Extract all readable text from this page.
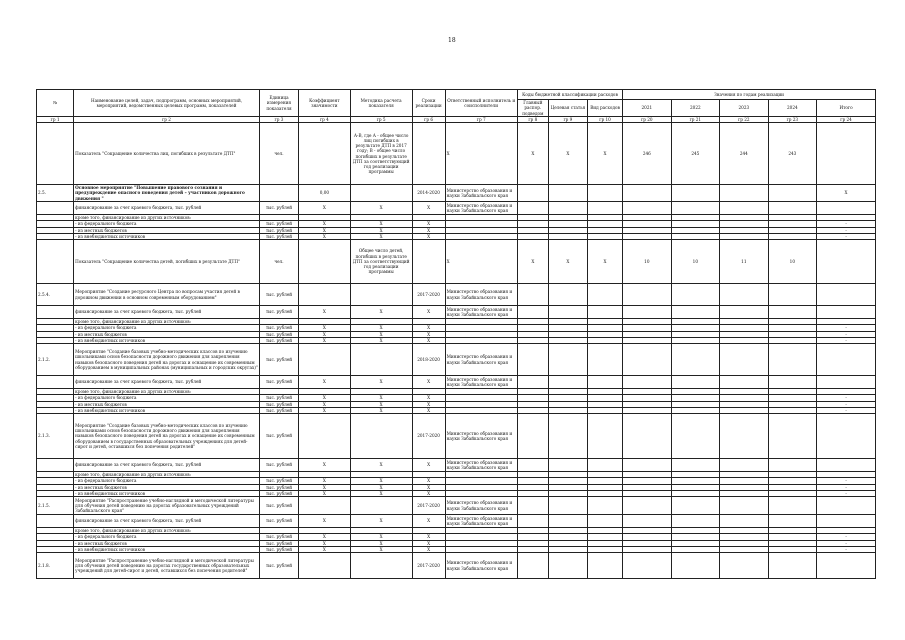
18
№	Наименование целей, задач, подпрограмм, основных мероприятий, мероприятий, ведомственных целевых программ, показателей	Единица измерения показателя	Коэффициент значимости	Методика расчета показателя	Сроки реализации	Ответственный исполнитель и соисполнители	Коды бюджетной классификации расходов			Значения по годам реализации				
							Главный распор. подведом	Целевая статья	Вид расходов	2021	2022	2023	2024	Итого
гр 1	гр 2	гр 3	гр 4	гр 5	гр 6	гр 7	гр 8	гр 9	гр 10	гр 20	гр 21	гр 22	гр 23	гр 24
	Показатель "Сокращение количества лиц, погибших в результате ДТП"	чел.		А-В, где А - общее число лиц погибших в результате ДТП в 2017 году; В - общее число погибших в результате ДТП за соответствующий год реализации программы		Х	Х	Х	Х	246	245	244	243	
2.5.	Основное мероприятие "Повышение правового сознания и предупреждение опасного поведения детей – участников дорожного движения "		0,00		2014-2020	Министерство образования и науки Забайкальского края								Х
	финансирование за счет краевого бюджета, тыс. рублей	тыс. рублей	Х	Х	Х	Министерство образования и науки Забайкальского края								
	кроме того, финансирование из других источников:													
	- из федерального бюджета	тыс. рублей	Х	Х	Х									-
	- из местных бюджетов	тыс. рублей	Х	Х	Х									-
	- из внебюджетных источников	тыс. рублей	Х	Х	Х									-
	Показатель "Сокращение количества детей, погибших в результате ДТП"	чел.		Общее число детей, погибших в результате ДТП за соответствующий год реализации программы		Х	Х	Х	Х	10	10	11	10	
2.5.4.	Мероприятие "Создание ресурсного Центра по вопросам участия детей в дорожном движении в основном современным оборудованием"	тыс. рублей			2017-2020	Министерство образования и науки Забайкальского края								
	финансирование за счет краевого бюджета, тыс. рублей	тыс. рублей	Х	Х	Х	Министерство образования и науки Забайкальского края								
	кроме того, финансирование из других источников:													
	- из федерального бюджета	тыс. рублей	Х	Х	Х									-
	- из местных бюджетов	тыс. рублей	Х	Х	Х									-
	- из внебюджетных источников	тыс. рублей	Х	Х	Х									-
2.1.2.	Мероприятие "Создание базовых учебно-методических классов по изучению школьниками основ безопасности дорожного движения для закрепления навыков безопасного поведения детей на дорогах и оснащение их современным оборудованием в муниципальных районах (муниципальных и городских округах)"	тыс. рублей			2018-2020	Министерство образования и науки Забайкальского края								
	финансирование за счет краевого бюджета, тыс. рублей	тыс. рублей	Х	Х	Х	Министерство образования и науки Забайкальского края								
	кроме того, финансирование из других источников:													
	- из федерального бюджета	тыс. рублей	Х	Х	Х									-
	- из местных бюджетов	тыс. рублей	Х	Х	Х									-
	- из внебюджетных источников	тыс. рублей	Х	Х	Х									-
2.1.3.	Мероприятие "Создание базовых учебно-методических классов по изучению школьниками основ безопасности дорожного движения для закрепления навыков безопасного поведения детей на дорогах и оснащение их современным оборудованием в государственных образовательных учреждениях для детей-сирот и детей, оставшихся без попечения родителей"	тыс. рублей			2017-2020	Министерство образования и науки Забайкальского края								
	финансирование за счет краевого бюджета, тыс. рублей	тыс. рублей	Х	Х	Х	Министерство образования и науки Забайкальского края								
	кроме того, финансирование из других источников:													
	- из федерального бюджета	тыс. рублей	Х	Х	Х									-
	- из местных бюджетов	тыс. рублей	Х	Х	Х									-
	- из внебюджетных источников	тыс. рублей	Х	Х	Х									-
2.1.5.	Мероприятие "Распространение учебно-наглядной и методической литературы для обучения детей поведению на дорогах образовательных учреждений Забайкальского края"	тыс. рублей			2017-2020	Министерство образования и науки Забайкальского края								
	финансирование за счет краевого бюджета, тыс. рублей	тыс. рублей	Х	Х	Х	Министерство образования и науки Забайкальского края								
	кроме того, финансирование из других источников:													
	- из федерального бюджета	тыс. рублей	Х	Х	Х									-
	- из местных бюджетов	тыс. рублей	Х	Х	Х									-
	- из внебюджетных источников	тыс. рублей	Х	Х	Х									-
2.1.8.	Мероприятие "Распространение учебно-наглядной и методической литературы для обучения детей поведению на дорогах государственных образовательных учреждений для детей-сирот и детей, оставшихся без попечения родителей"	тыс. рублей			2017-2020	Министерство образования и науки Забайкальского края								
